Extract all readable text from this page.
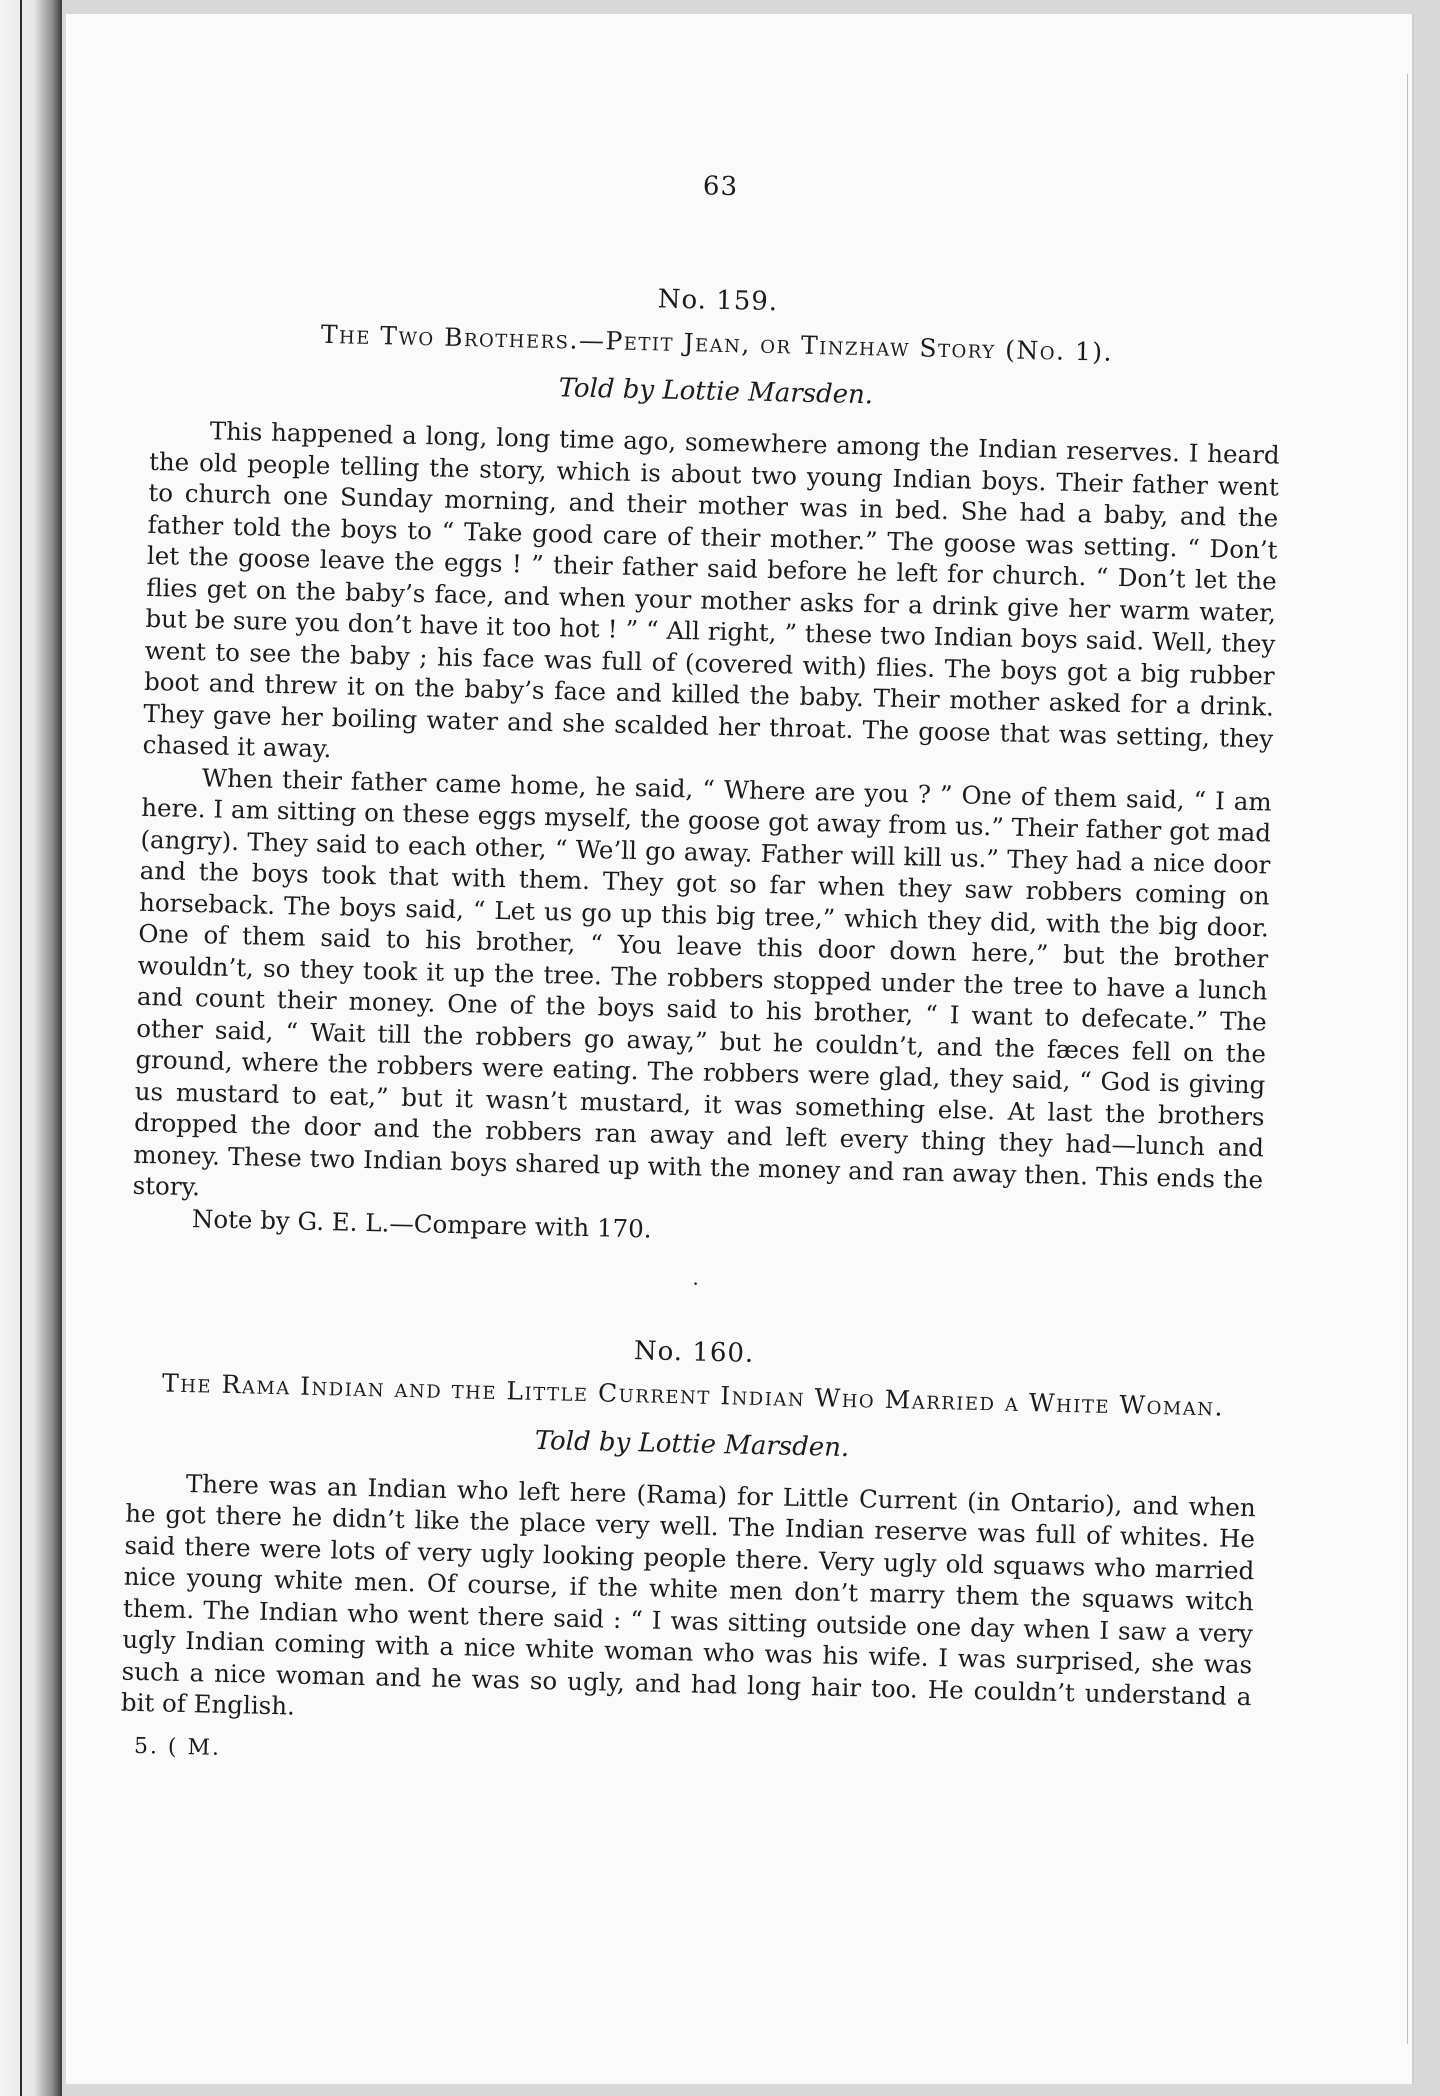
63
No. 159.
The Two Brothers.—Petit Jean, or Tinzhaw Story (No. 1).
Told by Lottie Marsden.

This happened a long, long time ago, somewhere among the Indian reserves. I heard the old people telling the story, which is about two young Indian boys. Their father went to church one Sunday morning, and their mother was in bed. She had a baby, and the father told the boys to “ Take good care of their mother.” The goose was setting. “ Don’t let the goose leave the eggs ! ” their father said before he left for church. “ Don’t let the flies get on the baby’s face, and when your mother asks for a drink give her warm water, but be sure you don’t have it too hot ! ” “ All right, ” these two Indian boys said. Well, they went to see the baby ; his face was full of (covered with) flies. The boys got a big rubber boot and threw it on the baby’s face and killed the baby. Their mother asked for a drink. They gave her boiling water and she scalded her throat. The goose that was setting, they chased it away.

When their father came home, he said, “ Where are you ? ” One of them said, “ I am here. I am sitting on these eggs myself, the goose got away from us.” Their father got mad (angry). They said to each other, “ We’ll go away. Father will kill us.” They had a nice door and the boys took that with them. They got so far when they saw robbers coming on horseback. The boys said, “ Let us go up this big tree,” which they did, with the big door. One of them said to his brother, “ You leave this door down here,” but the brother wouldn’t, so they took it up the tree. The robbers stopped under the tree to have a lunch and count their money. One of the boys said to his brother, “ I want to defecate.” The other said, “ Wait till the robbers go away,” but he couldn’t, and the fæces fell on the ground, where the robbers were eating. The robbers were glad, they said, “ God is giving us mustard to eat,” but it wasn’t mustard, it was something else. At last the brothers dropped the door and the robbers ran away and left every thing they had—lunch and money. These two Indian boys shared up with the money and ran away then. This ends the story.

Note by G. E. L.—Compare with 170.

·
No. 160.
The Rama Indian and the Little Current Indian Who Married a White Woman.
Told by Lottie Marsden.

There was an Indian who left here (Rama) for Little Current (in Ontario), and when he got there he didn’t like the place very well. The Indian reserve was full of whites. He said there were lots of very ugly looking people there. Very ugly old squaws who married nice young white men. Of course, if the white men don’t marry them the squaws witch them. The Indian who went there said : “ I was sitting outside one day when I saw a very ugly Indian coming with a nice white woman who was his wife. I was surprised, she was such a nice woman and he was so ugly, and had long hair too. He couldn’t understand a bit of English.

5. ( M.
